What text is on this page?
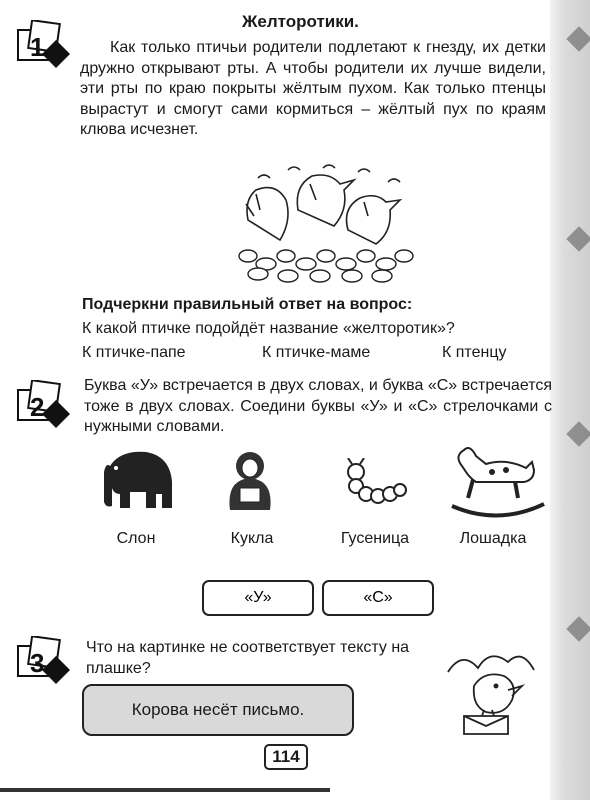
1
Желторотики.
Как только птичьи родители подлетают к гнезду, их детки дружно открывают рты. А чтобы родители их лучше видели, эти рты по краю покрыты жёлтым пухом. Как только птенцы вырастут и смогут сами кормиться – жёлтый пух по краям клюва исчезнет.
Подчеркни правильный ответ на вопрос:
К какой птичке подойдёт название «желторотик»?
К птичке-папе	К птичке-маме	К птенцу
2
Буква «У» встречается в двух словах, и буква «С» встречается тоже в двух словах. Соедини буквы «У» и «С» стрелочками с нужными словами.
Слон	Кукла	Гусеница	Лошадка
«У»	«С»
3
Что на картинке не соответствует тексту на плашке?
Корова несёт письмо.
114
